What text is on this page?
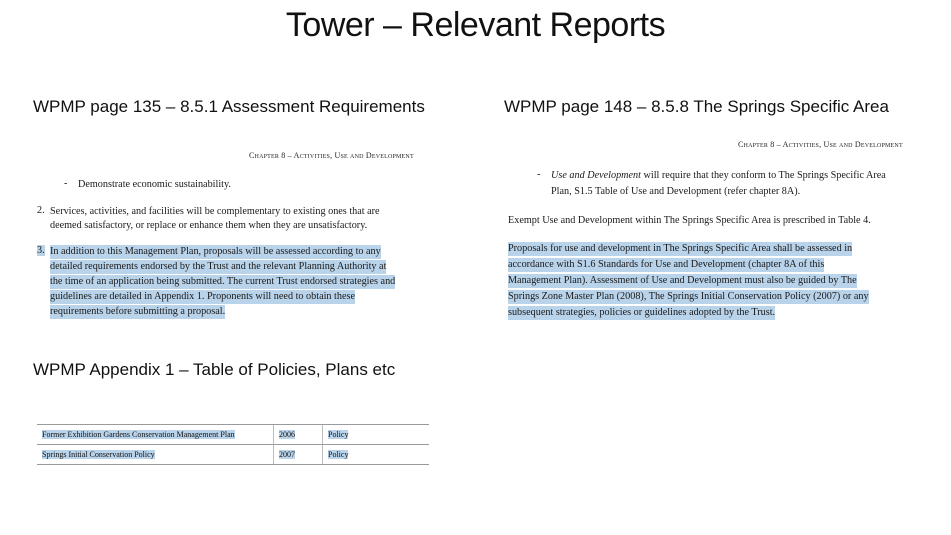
Tower – Relevant Reports
WPMP page 135 – 8.5.1 Assessment Requirements
Chapter 8 – Activities, Use and Development
- Demonstrate economic sustainability.
2. Services, activities, and facilities will be complementary to existing ones that are
deemed satisfactory, or replace or enhance them when they are unsatisfactory.
3. In addition to this Management Plan, proposals will be assessed according to any
detailed requirements endorsed by the Trust and the relevant Planning Authority at
the time of an application being submitted. The current Trust endorsed strategies and
guidelines are detailed in Appendix 1. Proponents will need to obtain these
requirements before submitting a proposal.
WPMP page 148 – 8.5.8 The Springs Specific Area
Chapter 8 – Activities, Use and Development
- Use and Development will require that they conform to The Springs Specific Area
Plan, S1.5 Table of Use and Development (refer chapter 8A).
Exempt Use and Development within The Springs Specific Area is prescribed in Table 4.
Proposals for use and development in The Springs Specific Area shall be assessed in
accordance with S1.6 Standards for Use and Development (chapter 8A of this
Management Plan). Assessment of Use and Development must also be guided by The
Springs Zone Master Plan (2008), The Springs Initial Conservation Policy (2007) or any
subsequent strategies, policies or guidelines adopted by the Trust.
WPMP Appendix 1 – Table of Policies, Plans etc
Former Exhibition Gardens Conservation Management Plan	2006	Policy
Springs Initial Conservation Policy	2007	Policy
